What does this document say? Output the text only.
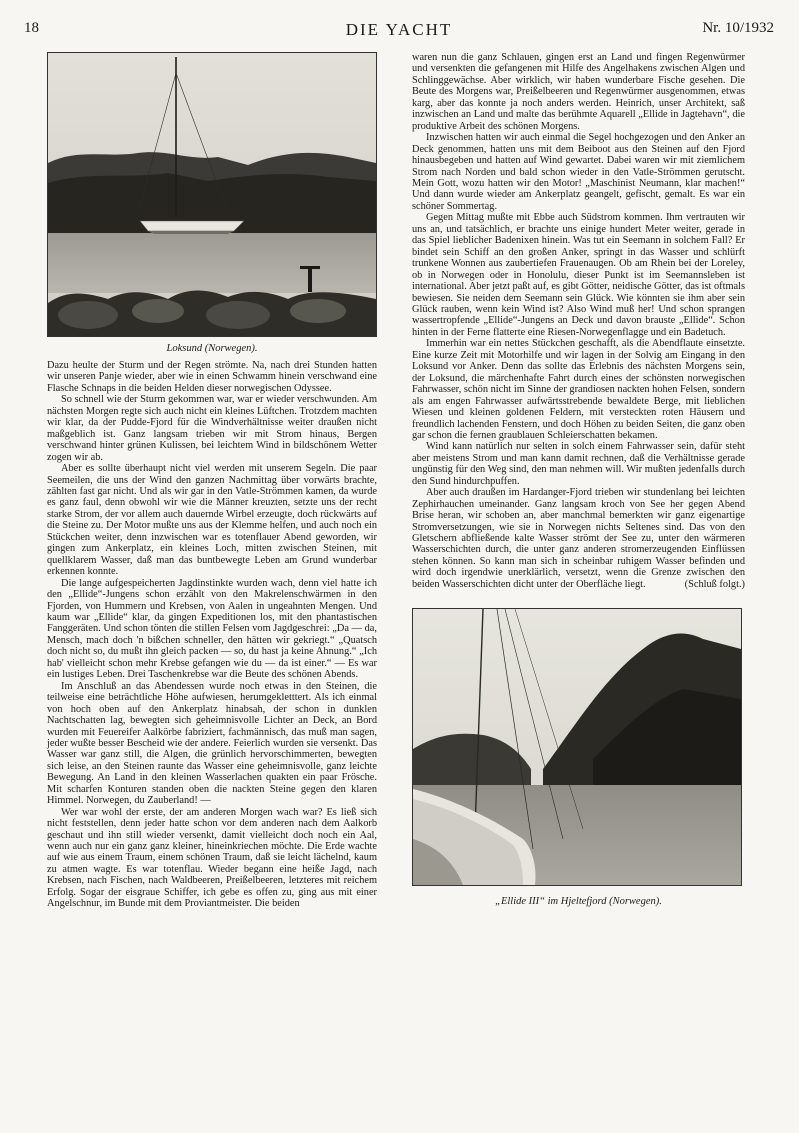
18	DIE YACHT	Nr. 10/1932
Loksund (Norwegen).

Dazu heulte der Sturm und der Regen strömte. Na, nach drei Stunden hatten wir unseren Panje wieder, aber wie in einen Schwamm hinein verschwand eine Flasche Schnaps in die beiden Helden dieser norwegischen Odyssee.

So schnell wie der Sturm gekommen war, war er wieder verschwunden. Am nächsten Morgen regte sich auch nicht ein kleines Lüftchen. Trotzdem machten wir klar, da der Pudde-Fjord für die Windverhältnisse weiter draußen nicht maßgeblich ist. Ganz langsam trieben wir mit Strom hinaus, Bergen verschwand hinter grünen Kulissen, bei leichtem Wind in bildschönem Wetter zogen wir ab.

Aber es sollte überhaupt nicht viel werden mit unserem Segeln. Die paar Seemeilen, die uns der Wind den ganzen Nachmittag über vorwärts brachte, zählten fast gar nicht. Und als wir gar in den Vatle-Strömmen kamen, da wurde es ganz faul, denn obwohl wir wie die Männer kreuzten, setzte uns der recht starke Strom, der vor allem auch dauernde Wirbel erzeugte, doch rückwärts auf die Steine zu. Der Motor mußte uns aus der Klemme helfen, und auch noch ein Stückchen weiter, denn inzwischen war es totenflauer Abend geworden, wir gingen zum Ankerplatz, ein kleines Loch, mitten zwischen Steinen, mit quellklarem Wasser, daß man das buntbewegte Leben am Grund wunderbar erkennen konnte.

Die lange aufgespeicherten Jagdinstinkte wurden wach, denn viel hatte ich den „Ellide“-Jungens schon erzählt von den Makrelenschwärmen in den Fjorden, von Hummern und Krebsen, von Aalen in ungeahnten Mengen. Und kaum war „Ellide“ klar, da gingen Expeditionen los, mit den phantastischen Fanggeräten. Und schon tönten die stillen Felsen vom Jagdgeschrei: „Da — da, Mensch, mach doch 'n bißchen schneller, den hätten wir gekriegt.“ „Quatsch doch nicht so, du mußt ihn gleich packen — so, du hast ja keine Ahnung.“ „Ich hab' vielleicht schon mehr Krebse gefangen wie du — da ist einer.“ — Es war ein lustiges Leben. Drei Taschenkrebse war die Beute des schönen Abends.

Im Anschluß an das Abendessen wurde noch etwas in den Steinen, die teilweise eine beträchtliche Höhe aufwiesen, herumgekletttert. Als ich einmal von hoch oben auf den Ankerplatz hinabsah, der schon in dunklen Nachtschatten lag, bewegten sich geheimnisvolle Lichter an Deck, an Bord wurden mit Feuereifer Aalkörbe fabriziert, fachmännisch, das muß man sagen, jeder wußte besser Bescheid wie der andere. Feierlich wurden sie versenkt. Das Wasser war ganz still, die Algen, die grünlich hervorschimmerten, bewegten sich leise, an den Steinen raunte das Wasser eine geheimnisvolle, ganz leichte Bewegung. An Land in den kleinen Wasserlachen quakten ein paar Frösche. Mit scharfen Konturen standen oben die nackten Steine gegen den klaren Himmel. Norwegen, du Zauberland! —

Wer war wohl der erste, der am anderen Morgen wach war? Es ließ sich nicht feststellen, denn jeder hatte schon vor dem anderen nach dem Aalkorb geschaut und ihn still wieder versenkt, damit vielleicht doch noch ein Aal, wenn auch nur ein ganz ganz kleiner, hineinkriechen möchte. Die Erde wachte auf wie aus einem Traum, einem schönen Traum, daß sie leicht lächelnd, kaum zu atmen wagte. Es war totenflau. Wieder begann eine heiße Jagd, nach Krebsen, nach Fischen, nach Waldbeeren, Preißelbeeren, letzteres mit reichem Erfolg. Sogar der eisgraue Schiffer, ich gebe es offen zu, ging aus mit einer Angelschnur, im Bunde mit dem Proviantmeister. Die beiden

waren nun die ganz Schlauen, gingen erst an Land und fingen Regenwürmer und versenkten die gefangenen mit Hilfe des Angelhakens zwischen Algen und Schlinggewächse. Aber wirklich, wir haben wunderbare Fische gesehen. Die Beute des Morgens war, Preißelbeeren und Regenwürmer ausgenommen, etwas karg, aber das konnte ja noch anders werden. Heinrich, unser Architekt, saß inzwischen an Land und malte das berühmte Aquarell „Ellide in Jagtehavn“, die produktive Arbeit des schönen Morgens.

Inzwischen hatten wir auch einmal die Segel hochgezogen und den Anker an Deck genommen, hatten uns mit dem Beiboot aus den Steinen auf den Fjord hinausbegeben und hatten auf Wind gewartet. Dabei waren wir mit ziemlichem Strom nach Norden und bald schon wieder in den Vatle-Strömmen gerutscht. Mein Gott, wozu hatten wir den Motor! „Maschinist Neumann, klar machen!“ Und dann wurde wieder am Ankerplatz geangelt, gefischt, gemalt. Es war ein schöner Sommertag.

Gegen Mittag mußte mit Ebbe auch Südstrom kommen. Ihm vertrauten wir uns an, und tatsächlich, er brachte uns einige hundert Meter weiter, gerade in das Spiel lieblicher Badenixen hinein. Was tut ein Seemann in solchem Fall? Er bindet sein Schiff an den großen Anker, springt in das Wasser und schlürft trunkene Wonnen aus zaubertiefen Frauenaugen. Ob am Rhein bei der Loreley, ob in Norwegen oder in Honolulu, dieser Punkt ist im Seemannsleben ist international. Aber jetzt paßt auf, es gibt Götter, neidische Götter, das ist oftmals bewiesen. Sie neiden dem Seemann sein Glück. Wie könnten sie ihm aber sein Glück rauben, wenn kein Wind ist? Also Wind muß her! Und schon sprangen wassertropfende „Ellide“-Jungens an Deck und davon brauste „Ellide“. Schon hinten in der Ferne flatterte eine Riesen-Norwegenflagge und ein Badetuch.

Immerhin war ein nettes Stückchen geschafft, als die Abendflaute einsetzte. Eine kurze Zeit mit Motorhilfe und wir lagen in der Solvig am Eingang in den Loksund vor Anker. Denn das sollte das Erlebnis des nächsten Morgens sein, der Loksund, die märchenhafte Fahrt durch eines der schönsten norwegischen Fahrwasser, schön nicht im Sinne der grandiosen nackten hohen Felsen, sondern als am engen Fahrwasser aufwärtsstrebende bewaldete Berge, mit lieblichen Wiesen und kleinen goldenen Feldern, mit versteckten roten Häusern und freundlich lachenden Fenstern, und doch Höhen zu beiden Seiten, die ganz oben gar schon die fernen graublauen Schleierschatten bekamen.

Wind kann natürlich nur selten in solch einem Fahrwasser sein, dafür steht aber meistens Strom und man kann damit rechnen, daß die Verhältnisse gerade ungünstig für den Weg sind, den man nehmen will. Wir mußten jedenfalls durch den Sund hindurchpuffen.

Aber auch draußen im Hardanger-Fjord trieben wir stundenlang bei leichten Zephirhauchen umeinander. Ganz langsam kroch von See her gegen Abend Brise heran, wir schoben an, aber manchmal bemerkten wir ganz eigenartige Stromversetzungen, wie sie in Norwegen nichts Seltenes sind. Das von den Gletschern abfließende kalte Wasser strömt der See zu, unter den wärmeren Wasserschichten durch, die unter ganz anderen stromerzeugenden Einflüssen stehen können. So kann man sich in scheinbar ruhigem Wasser befinden und wird doch irgendwie unerklärlich, versetzt, wenn die Grenze zwischen den beiden Wasserschichten dicht unter der Oberfläche liegt.	(Schluß folgt.)

„Ellide III“ im Hjeltefjord (Norwegen).
